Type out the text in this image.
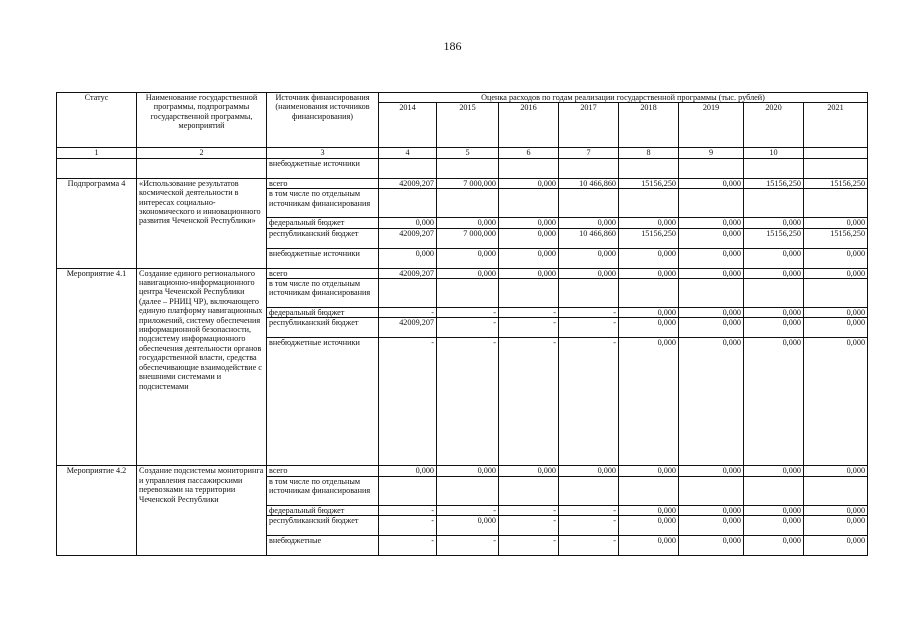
186
Статус	Наименование государственной программы, подпрограммы государственной программы, мероприятий	Источник финансирования (наименования источников финансирования)	Оценка расходов по годам реализации государственной программы (тыс. рублей)							
			2014	2015	2016	2017	2018	2019	2020	2021
1	2	3	4	5	6	7	8	9	10	
		внебюджетные источники								
Подпрограмма 4	«Использование результатов космической деятельности в интересах социально-экономического и инновационного развития Чеченской Республики»	всего	42009,207	7 000,000	0,000	10 466,860	15156,250	0,000	15156,250	15156,250
		в том числе по отдельным источникам финансирования								
		федеральный бюджет	0,000	0,000	0,000	0,000	0,000	0,000	0,000	0,000
		республиканский бюджет	42009,207	7 000,000	0,000	10 466,860	15156,250	0,000	15156,250	15156,250
		внебюджетные источники	0,000	0,000	0,000	0,000	0,000	0,000	0,000	0,000
Мероприятие 4.1	Создание единого регионального навигационно-информационного центра Чеченской Республики (далее – РНИЦ ЧР), включающего единую платформу навигационных приложений, систему обеспечения информационной безопасности, подсистему информационного обеспечения деятельности органов государственной власти, средства обеспечивающие взаимодействие с внешними системами и подсистемами	всего	42009,207	0,000	0,000	0,000	0,000	0,000	0,000	0,000
		в том числе по отдельным источникам финансирования								
		федеральный бюджет	-	-	-	-	0,000	0,000	0,000	0,000
		республиканский бюджет	42009,207	-	-	-	0,000	0,000	0,000	0,000
		внебюджетные источники	-	-	-	-	0,000	0,000	0,000	0,000
Мероприятие 4.2	Создание подсистемы мониторинга и управления пассажирскими перевозками на территории Чеченской Республики	всего	0,000	0,000	0,000	0,000	0,000	0,000	0,000	0,000
		в том числе по отдельным источникам финансирования								
		федеральный бюджет	-	-	-	-	0,000	0,000	0,000	0,000
		республиканский бюджет	-	0,000	-	-	0,000	0,000	0,000	0,000
		внебюджетные	-	-	-	-	0,000	0,000	0,000	0,000
